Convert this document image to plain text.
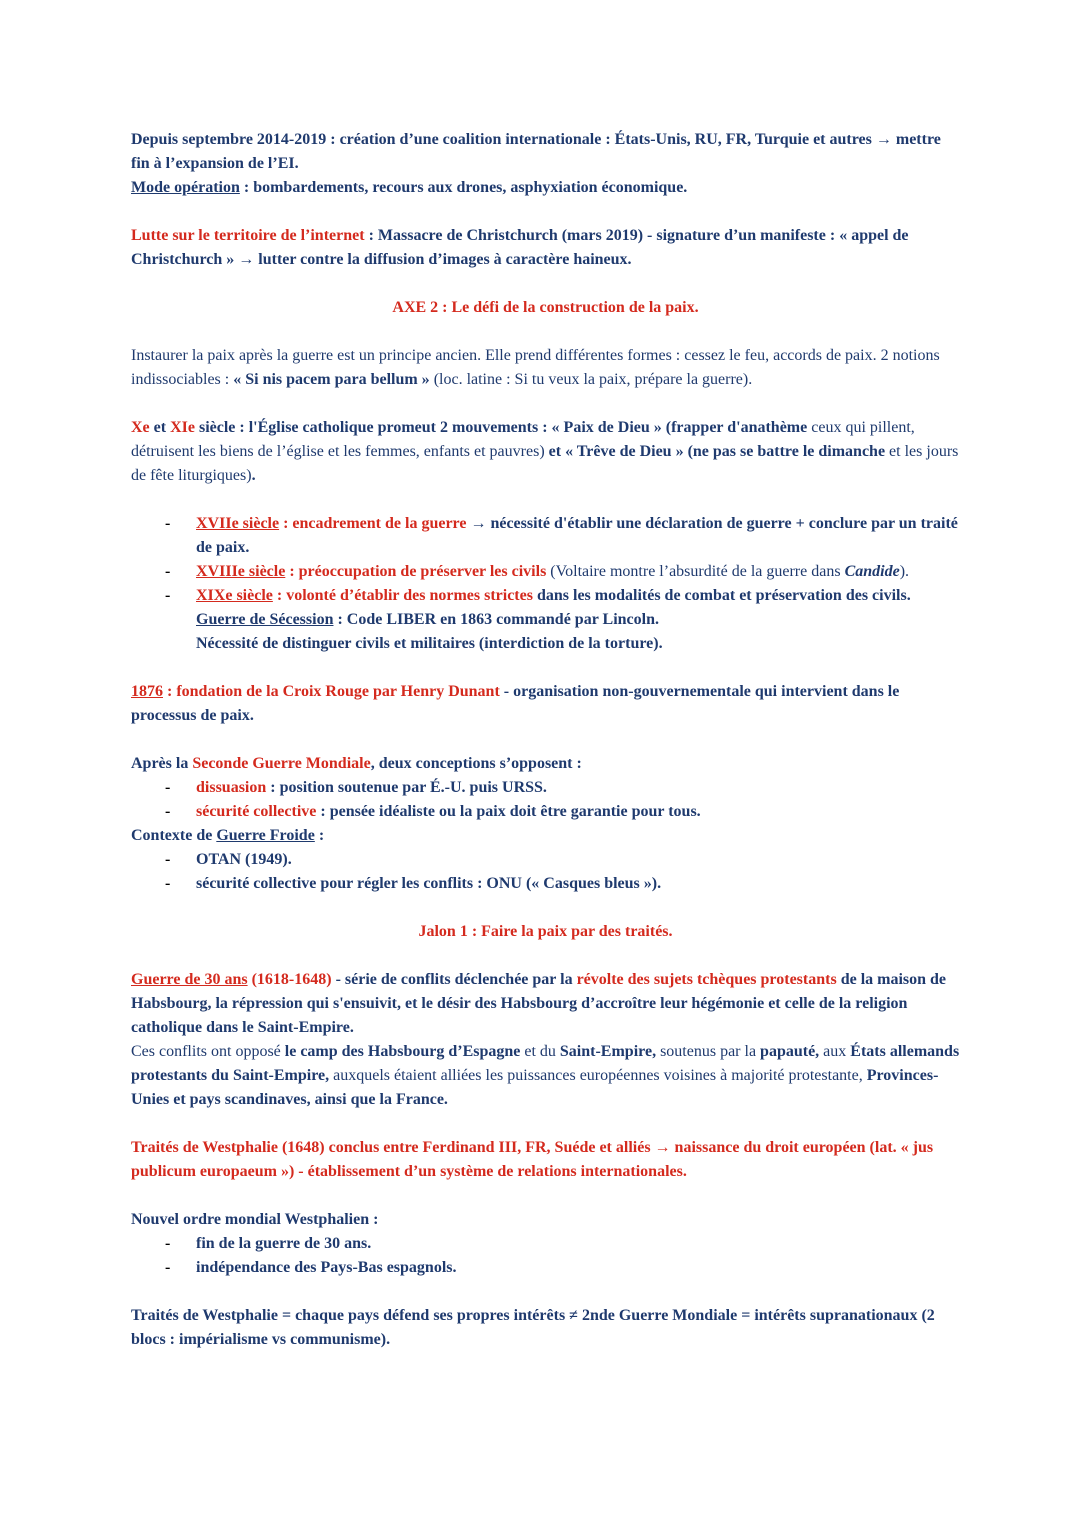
Depuis septembre 2014-2019 : création d’une coalition internationale : États-Unis, RU, FR, Turquie et autres → mettre fin à l’expansion de l’EI.
Mode opération : bombardements, recours aux drones, asphyxiation économique.

Lutte sur le territoire de l’internet : Massacre de Christchurch (mars 2019) - signature d’un manifeste : « appel de Christchurch » → lutter contre la diffusion d’images à caractère haineux.

AXE 2 : Le défi de la construction de la paix.

Instaurer la paix après la guerre est un principe ancien. Elle prend différentes formes : cessez le feu, accords de paix. 2 notions indissociables : « Si nis pacem para bellum » (loc. latine : Si tu veux la paix, prépare la guerre).

Xe et XIe siècle : l'Église catholique promeut 2 mouvements : « Paix de Dieu » (frapper d'anathème ceux qui pillent, détruisent les biens de l’église et les femmes, enfants et pauvres) et « Trêve de Dieu » (ne pas se battre le dimanche et les jours de fête liturgiques).

- XVIIe siècle : encadrement de la guerre → nécessité d'établir une déclaration de guerre + conclure par un traité de paix.
- XVIIIe siècle : préoccupation de préserver les civils (Voltaire montre l’absurdité de la guerre dans Candide).
- XIXe siècle : volonté d’établir des normes strictes dans les modalités de combat et préservation des civils. Guerre de Sécession : Code LIBER en 1863 commandé par Lincoln.
Nécessité de distinguer civils et militaires (interdiction de la torture).

1876 : fondation de la Croix Rouge par Henry Dunant - organisation non-gouvernementale qui intervient dans le processus de paix.

Après la Seconde Guerre Mondiale, deux conceptions s’opposent :

- dissuasion : position soutenue par É.-U. puis URSS.
- sécurité collective : pensée idéaliste ou la paix doit être garantie pour tous.

Contexte de Guerre Froide :

- OTAN (1949).
- sécurité collective pour régler les conflits : ONU (« Casques bleus »).

Jalon 1 : Faire la paix par des traités.

Guerre de 30 ans (1618-1648) - série de conflits déclenchée par la révolte des sujets tchèques protestants de la maison de Habsbourg, la répression qui s'ensuivit, et le désir des Habsbourg d’accroître leur hégémonie et celle de la religion catholique dans le Saint-Empire.

Ces conflits ont opposé le camp des Habsbourg d’Espagne et du Saint-Empire, soutenus par la papauté, aux États allemands protestants du Saint-Empire, auxquels étaient alliées les puissances européennes voisines à majorité protestante, Provinces-Unies et pays scandinaves, ainsi que la France.

Traités de Westphalie (1648) conclus entre Ferdinand III, FR, Suéde et alliés → naissance du droit européen (lat. « jus publicum europaeum ») - établissement d’un système de relations internationales.

Nouvel ordre mondial Westphalien :

- fin de la guerre de 30 ans.
- indépendance des Pays-Bas espagnols.

Traités de Westphalie = chaque pays défend ses propres intérêts ≠ 2nde Guerre Mondiale = intérêts supranationaux (2 blocs : impérialisme vs communisme).
